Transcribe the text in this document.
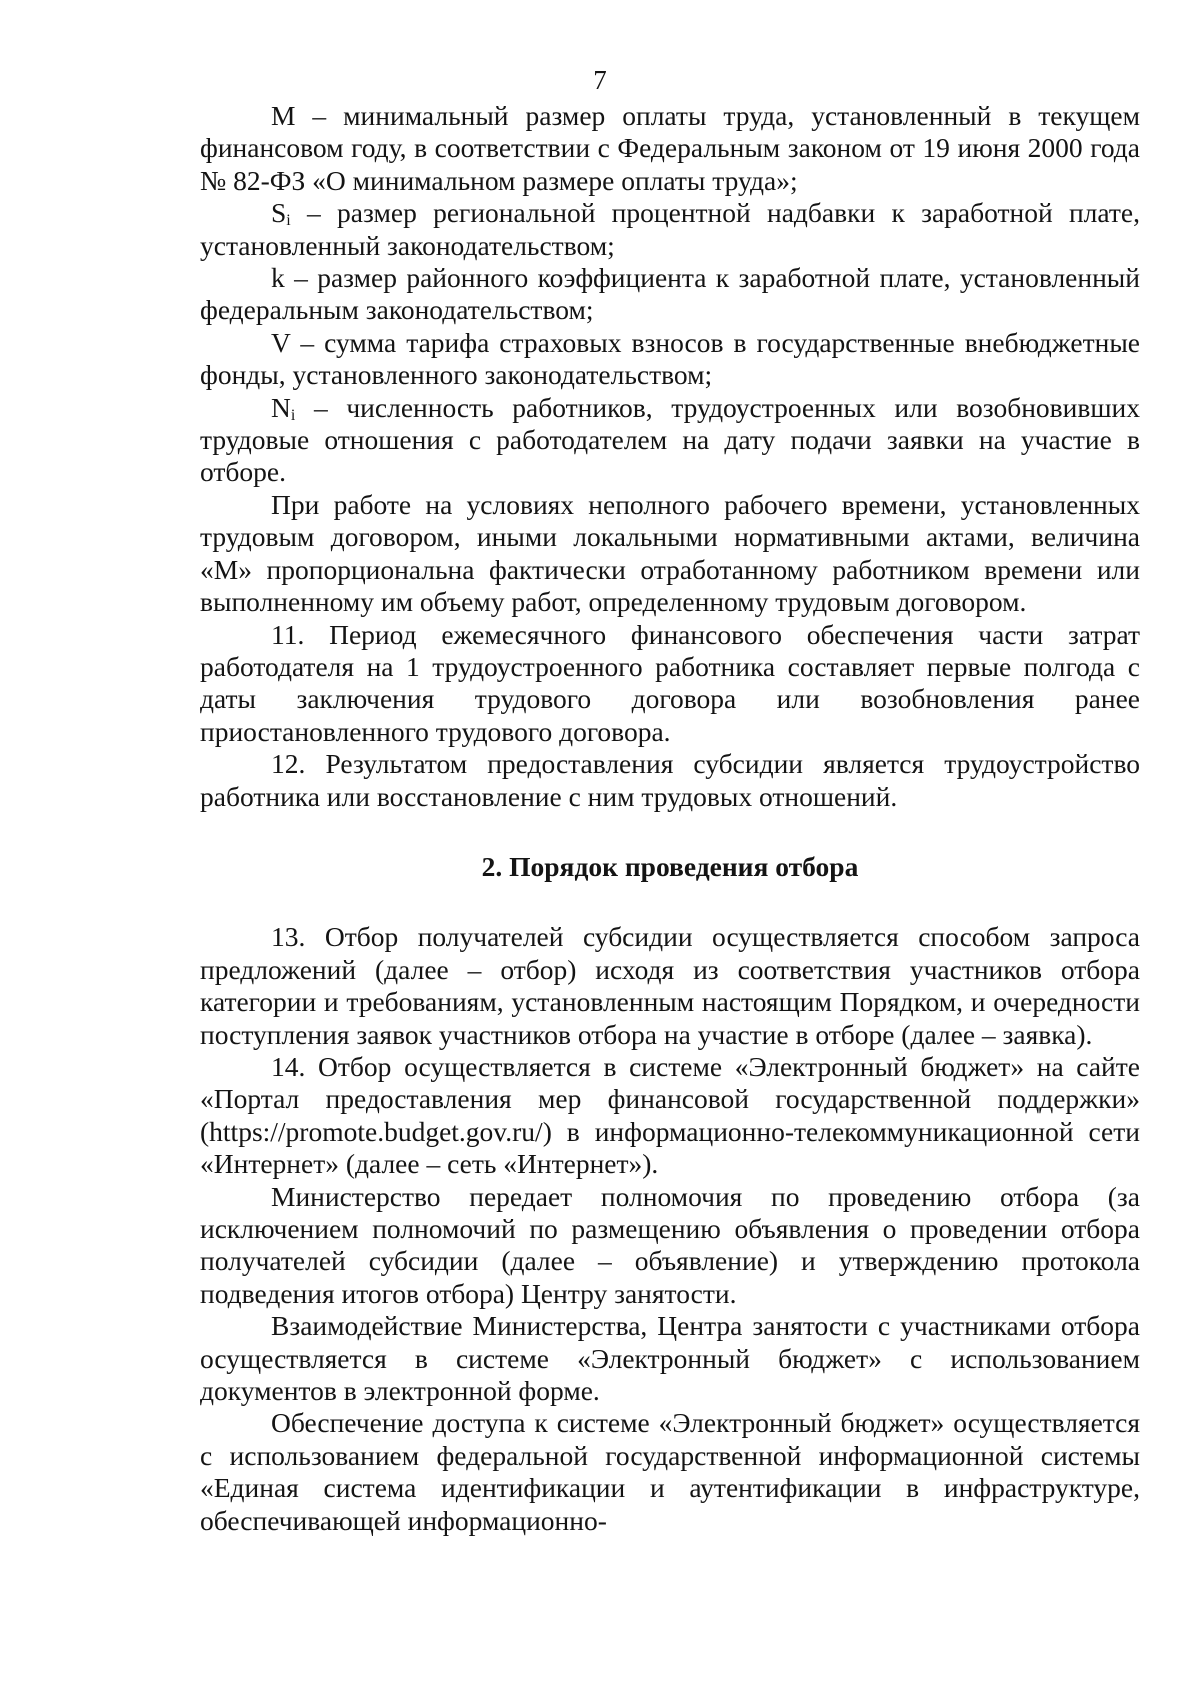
7

М – минимальный размер оплаты труда, установленный в текущем финансовом году, в соответствии с Федеральным законом от 19 июня 2000 года № 82-ФЗ «О минимальном размере оплаты труда»;

$S_i$ – размер региональной процентной надбавки к заработной плате, установленный законодательством;

k – размер районного коэффициента к заработной плате, установленный федеральным законодательством;

V – сумма тарифа страховых взносов в государственные внебюджетные фонды, установленного законодательством;

$N_i$ – численность работников, трудоустроенных или возобновивших трудовые отношения с работодателем на дату подачи заявки на участие в отборе.

При работе на условиях неполного рабочего времени, установленных трудовым договором, иными локальными нормативными актами, величина «М» пропорциональна фактически отработанному работником времени или выполненному им объему работ, определенному трудовым договором.

11. Период ежемесячного финансового обеспечения части затрат работодателя на 1 трудоустроенного работника составляет первые полгода с даты заключения трудового договора или возобновления ранее приостановленного трудового договора.

12. Результатом предоставления субсидии является трудоустройство работника или восстановление с ним трудовых отношений.

2. Порядок проведения отбора

13. Отбор получателей субсидии осуществляется способом запроса предложений (далее – отбор) исходя из соответствия участников отбора категории и требованиям, установленным настоящим Порядком, и очередности поступления заявок участников отбора на участие в отборе (далее – заявка).

14. Отбор осуществляется в системе «Электронный бюджет» на сайте «Портал предоставления мер финансовой государственной поддержки» (https://promote.budget.gov.ru/) в информационно-телекоммуникационной сети «Интернет» (далее – сеть «Интернет»).

Министерство передает полномочия по проведению отбора (за исключением полномочий по размещению объявления о проведении отбора получателей субсидии (далее – объявление) и утверждению протокола подведения итогов отбора) Центру занятости.

Взаимодействие Министерства, Центра занятости с участниками отбора осуществляется в системе «Электронный бюджет» с использованием документов в электронной форме.

Обеспечение доступа к системе «Электронный бюджет» осуществляется с использованием федеральной государственной информационной системы «Единая система идентификации и аутентификации в инфраструктуре, обеспечивающей информационно-
